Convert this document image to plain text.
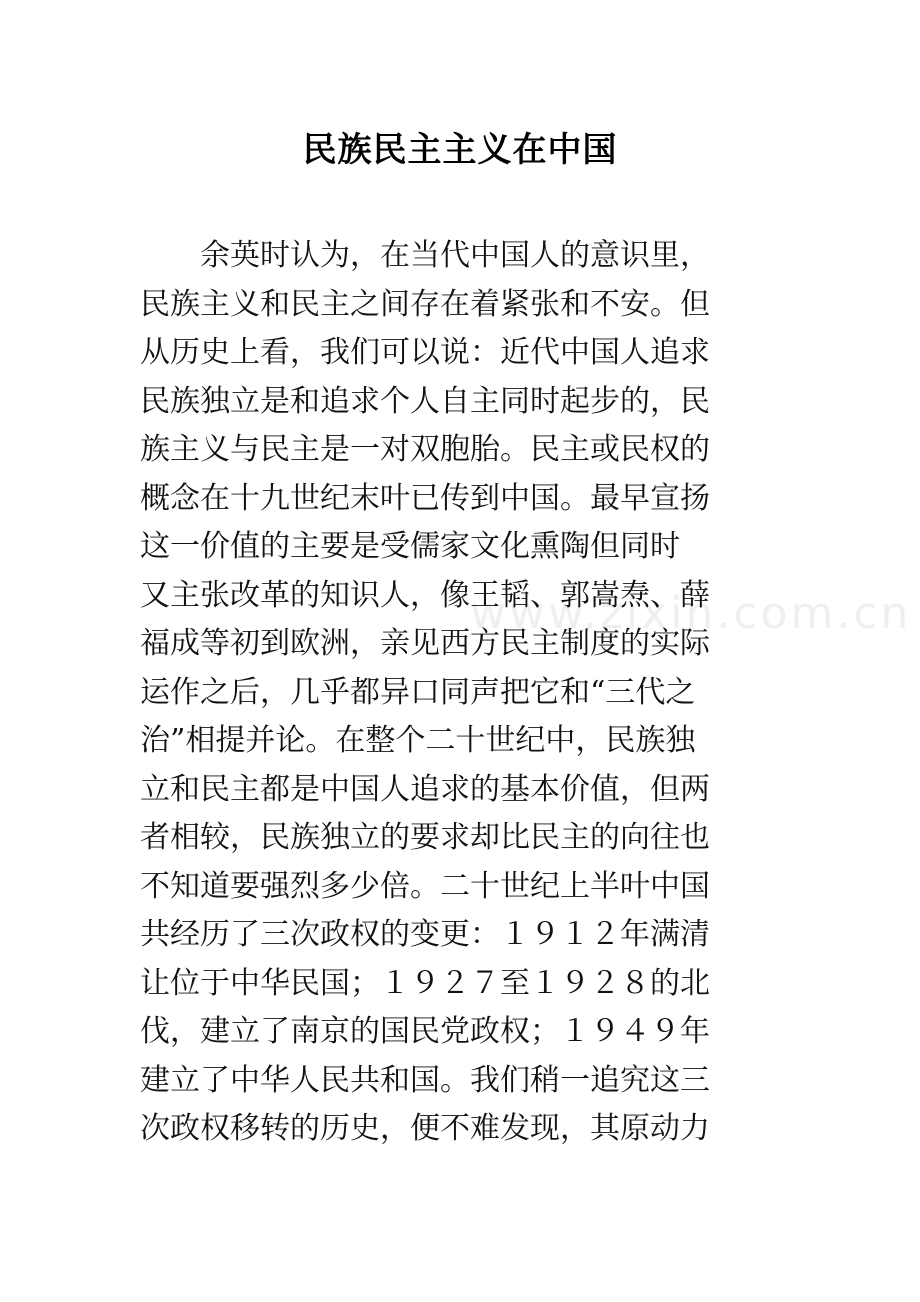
民族民主主义在中国
　　余英时认为，在当代中国人的意识里，
民族主义和民主之间存在着紧张和不安。但
从历史上看，我们可以说：近代中国人追求
民族独立是和追求个人自主同时起步的，民
族主义与民主是一对双胞胎。民主或民权的
概念在十九世纪末叶已传到中国。最早宣扬
这一价值的主要是受儒家文化熏陶但同时
又主张改革的知识人，像王韬、郭嵩焘、薛
福成等初到欧洲，亲见西方民主制度的实际
运作之后，几乎都异口同声把它和“三代之
治”相提并论。在整个二十世纪中，民族独
立和民主都是中国人追求的基本价值，但两
者相较，民族独立的要求却比民主的向往也
不知道要强烈多少倍。二十世纪上半叶中国
共经历了三次政权的变更：１９１２年满清
让位于中华民国；１９２７至１９２８的北
伐，建立了南京的国民党政权；１９４９年
建立了中华人民共和国。我们稍一追究这三
次政权移转的历史，便不难发现，其原动力
www.zixin.com.cn
